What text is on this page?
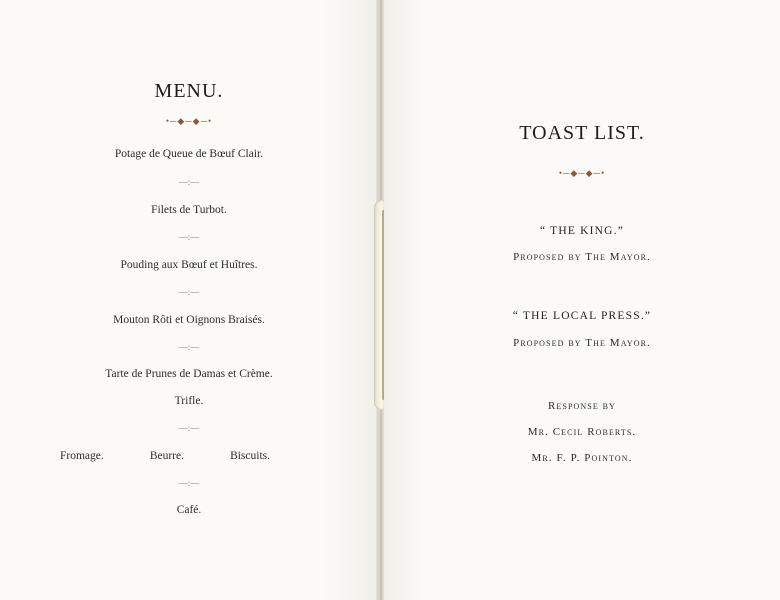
MENU.
•─◆─◆─•
Potage de Queue de Bœuf Clair.
—:—
Filets de Turbot.
—:—
Pouding aux Bœuf et Huîtres.
—:—
Mouton Rôti et Oignons Braisés.
—:—
Tarte de Prunes de Damas et Crème.
Trifle.
—:—
Fromage.	Beurre.	Biscuits.
—:—
Café.
TOAST LIST.
•─◆─◆─•
“ THE KING.”
Proposed by The Mayor.
“ THE LOCAL PRESS.”
Proposed by The Mayor.
Response by
Mr. Cecil Roberts.
Mr. F. P. Pointon.
